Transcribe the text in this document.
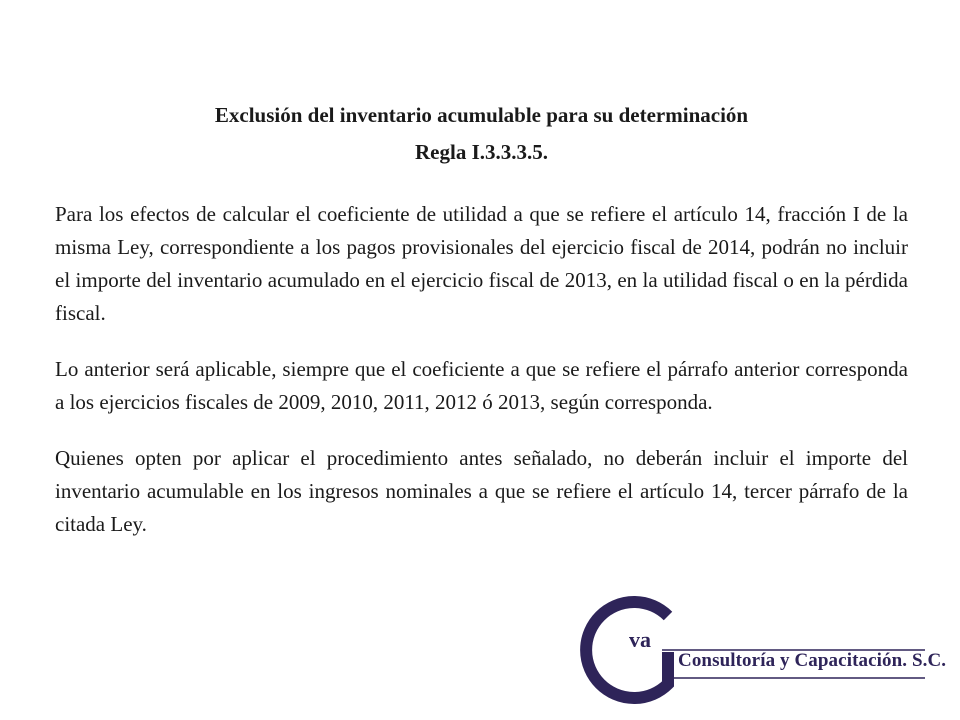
Exclusión del inventario acumulable para su determinación
Regla I.3.3.3.5.

Para los efectos de calcular el coeficiente de utilidad a que se refiere el artículo 14, fracción I de la misma Ley, correspondiente a los pagos provisionales del ejercicio fiscal de 2014, podrán no incluir el importe del inventario acumulado en el ejercicio fiscal de 2013, en la utilidad fiscal o en la pérdida fiscal.

Lo anterior será aplicable, siempre que el coeficiente a que se refiere el párrafo anterior corresponda a los ejercicios fiscales de 2009, 2010, 2011, 2012 ó 2013, según corresponda.

Quienes opten por aplicar el procedimiento antes señalado, no deberán incluir el importe del inventario acumulable en los ingresos nominales a que se refiere el artículo 14, tercer párrafo de la citada Ley.

va
Consultoría y Capacitación. S.C.
